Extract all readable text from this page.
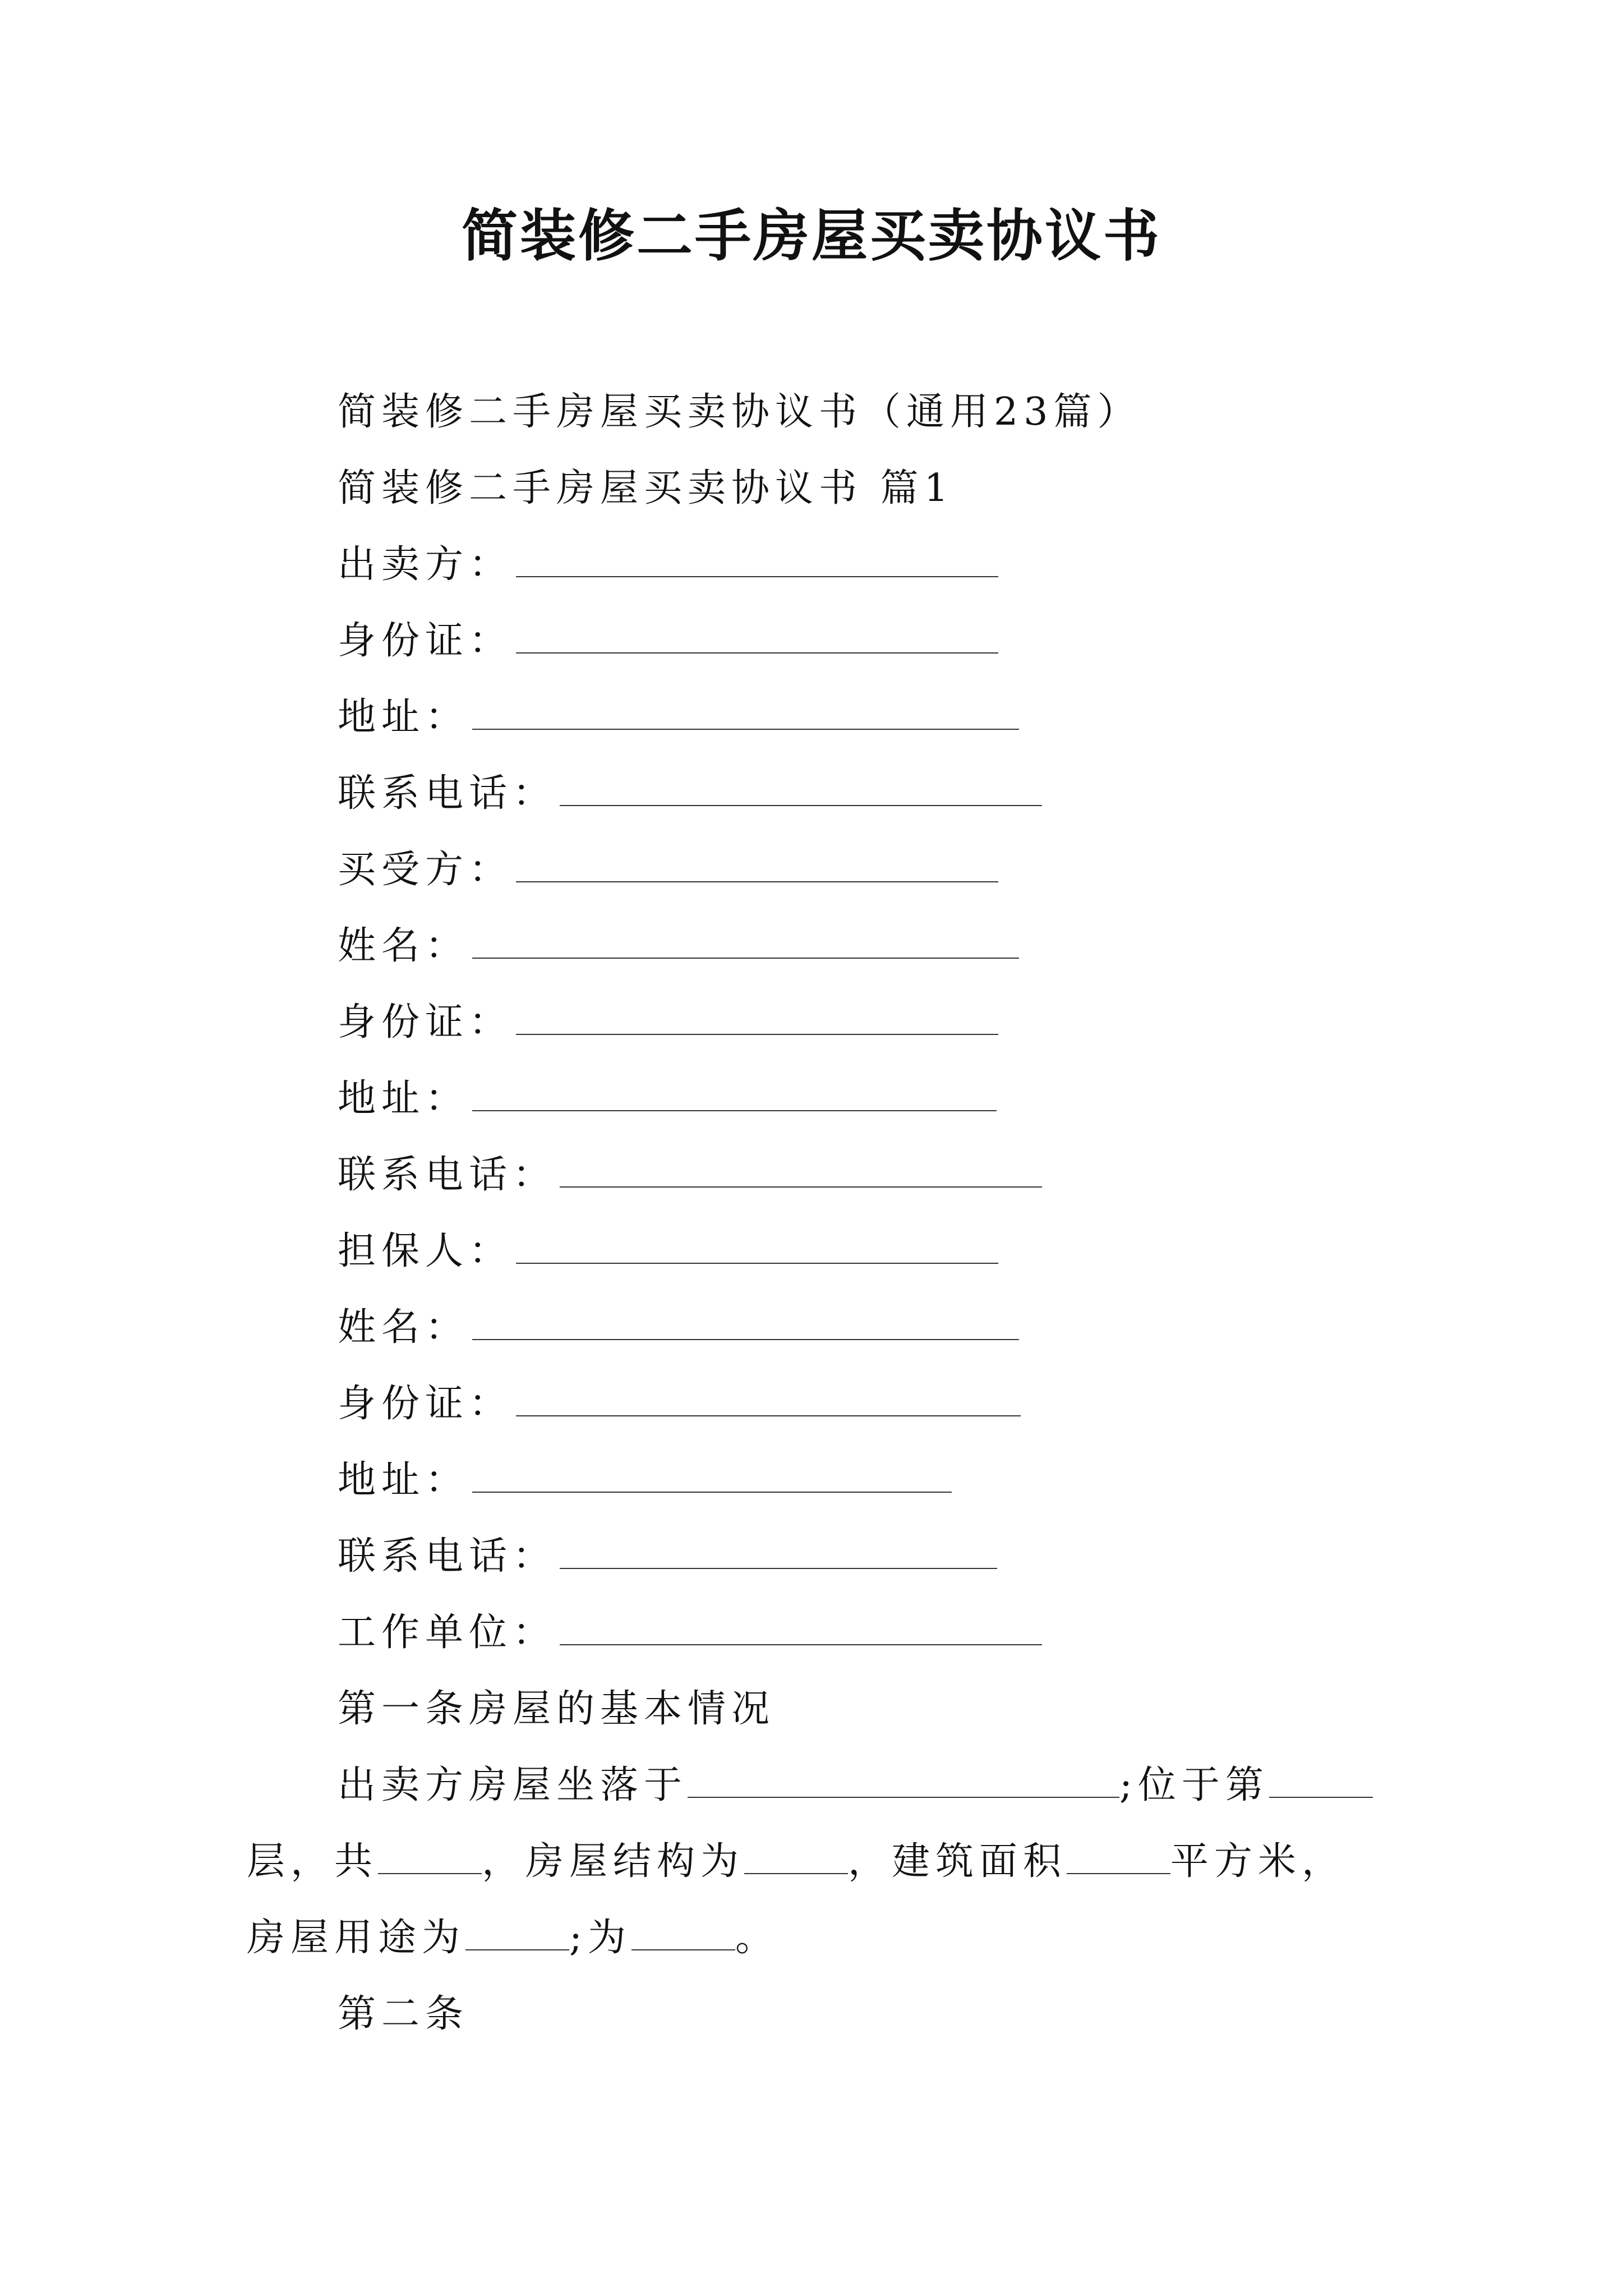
简装修二手房屋买卖协议书
简装修二手房屋买卖协议书（通用23篇）
简装修二手房屋买卖协议书 篇1
出卖方：
身份证：
地址：
联系电话：
买受方：
姓名：
身份证：
地址：
联系电话：
担保人：
姓名：
身份证：
地址：
联系电话：
工作单位：
第一条房屋的基本情况
出卖方房屋坐落于	;位于第
层，共	，房屋结构为	，建筑面积	平方米，
房屋用途为	;为	。
第二条
